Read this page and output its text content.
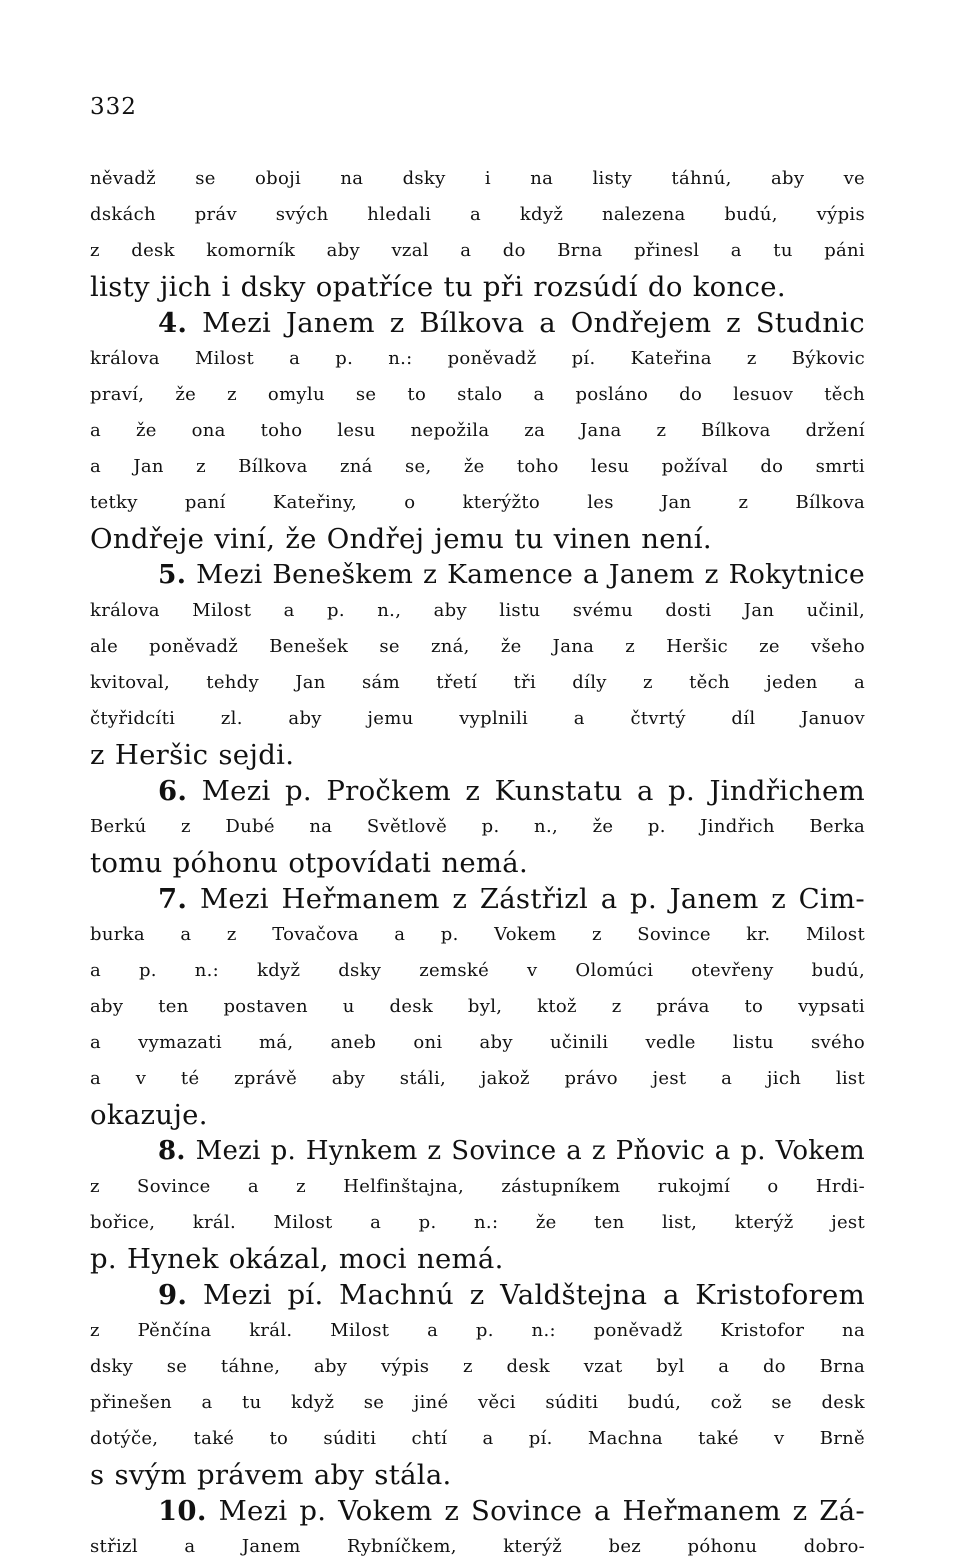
332
něvadž se oboji na dsky i na listy táhnú, aby ve
dskách práv svých hledali a když nalezena budú, výpis
z desk komorník aby vzal a do Brna přinesl a tu páni
listy jich i dsky opatříce tu při rozsúdí do konce.
4. Mezi Janem z Bílkova a Ondřejem z Studnic
králova Milost a p. n.: poněvadž pí. Kateřina z Býkovic
praví, že z omylu se to stalo a posláno do lesuov těch
a že ona toho lesu nepožila za Jana z Bílkova držení
a Jan z Bílkova zná se, že toho lesu požíval do smrti
tetky paní Kateřiny, o kterýžto les Jan z Bílkova
Ondřeje viní, že Ondřej jemu tu vinen není.
5. Mezi Beneškem z Kamence a Janem z Rokytnice
králova Milost a p. n., aby listu svému dosti Jan učinil,
ale poněvadž Benešek se zná, že Jana z Heršic ze všeho
kvitoval, tehdy Jan sám třetí tři díly z těch jeden a
čtyřidcíti zl. aby jemu vyplnili a čtvrtý díl Januov
z Heršic sejdi.
6. Mezi p. Pročkem z Kunstatu a p. Jindřichem
Berkú z Dubé na Světlově p. n., že p. Jindřich Berka
tomu póhonu otpovídati nemá.
7. Mezi Heřmanem z Zástřizl a p. Janem z Cim-
burka a z Tovačova a p. Vokem z Sovince kr. Milost
a p. n.: když dsky zemské v Olomúci otevřeny budú,
aby ten postaven u desk byl, ktož z práva to vypsati
a vymazati má, aneb oni aby učinili vedle listu svého
a v té zprávě aby stáli, jakož právo jest a jich list
okazuje.
8. Mezi p. Hynkem z Sovince a z Pňovic a p. Vokem
z Sovince a z Helfinštajna, zástupníkem rukojmí o Hrdi-
bořice, král. Milost a p. n.: že ten list, kterýž jest
p. Hynek okázal, moci nemá.
9. Mezi pí. Machnú z Valdštejna a Kristoforem
z Pěnčína král. Milost a p. n.: poněvadž Kristofor na
dsky se táhne, aby výpis z desk vzat byl a do Brna
přinešen a tu když se jiné věci súditi budú, což se desk
dotýče, také to súditi chtí a pí. Machna také v Brně
s svým právem aby stála.
10. Mezi p. Vokem z Sovince a Heřmanem z Zá-
střizl a Janem Rybníčkem, kterýž bez póhonu dobro-
